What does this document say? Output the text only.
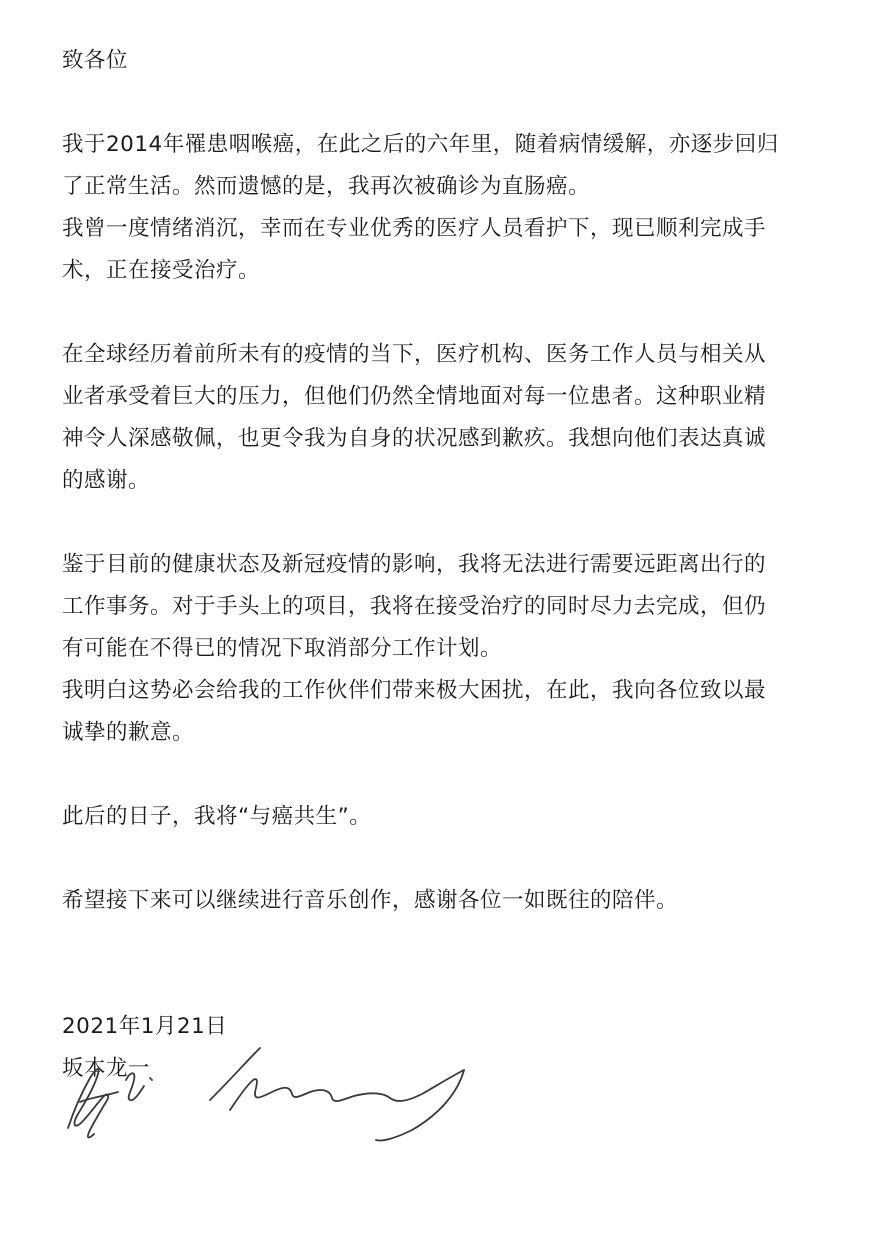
致各位
我于2014年罹患咽喉癌，在此之后的六年里，随着病情缓解，亦逐步回归
了正常生活。然而遗憾的是，我再次被确诊为直肠癌。
我曾一度情绪消沉，幸而在专业优秀的医疗人员看护下，现已顺利完成手
术，正在接受治疗。
在全球经历着前所未有的疫情的当下，医疗机构、医务工作人员与相关从
业者承受着巨大的压力，但他们仍然全情地面对每一位患者。这种职业精
神令人深感敬佩，也更令我为自身的状况感到歉疚。我想向他们表达真诚
的感谢。
鉴于目前的健康状态及新冠疫情的影响，我将无法进行需要远距离出行的
工作事务。对于手头上的项目，我将在接受治疗的同时尽力去完成，但仍
有可能在不得已的情况下取消部分工作计划。
我明白这势必会给我的工作伙伴们带来极大困扰，在此，我向各位致以最
诚挚的歉意。
此后的日子，我将“与癌共生”。
希望接下来可以继续进行音乐创作，感谢各位一如既往的陪伴。
2021年1月21日
坂本龙一
